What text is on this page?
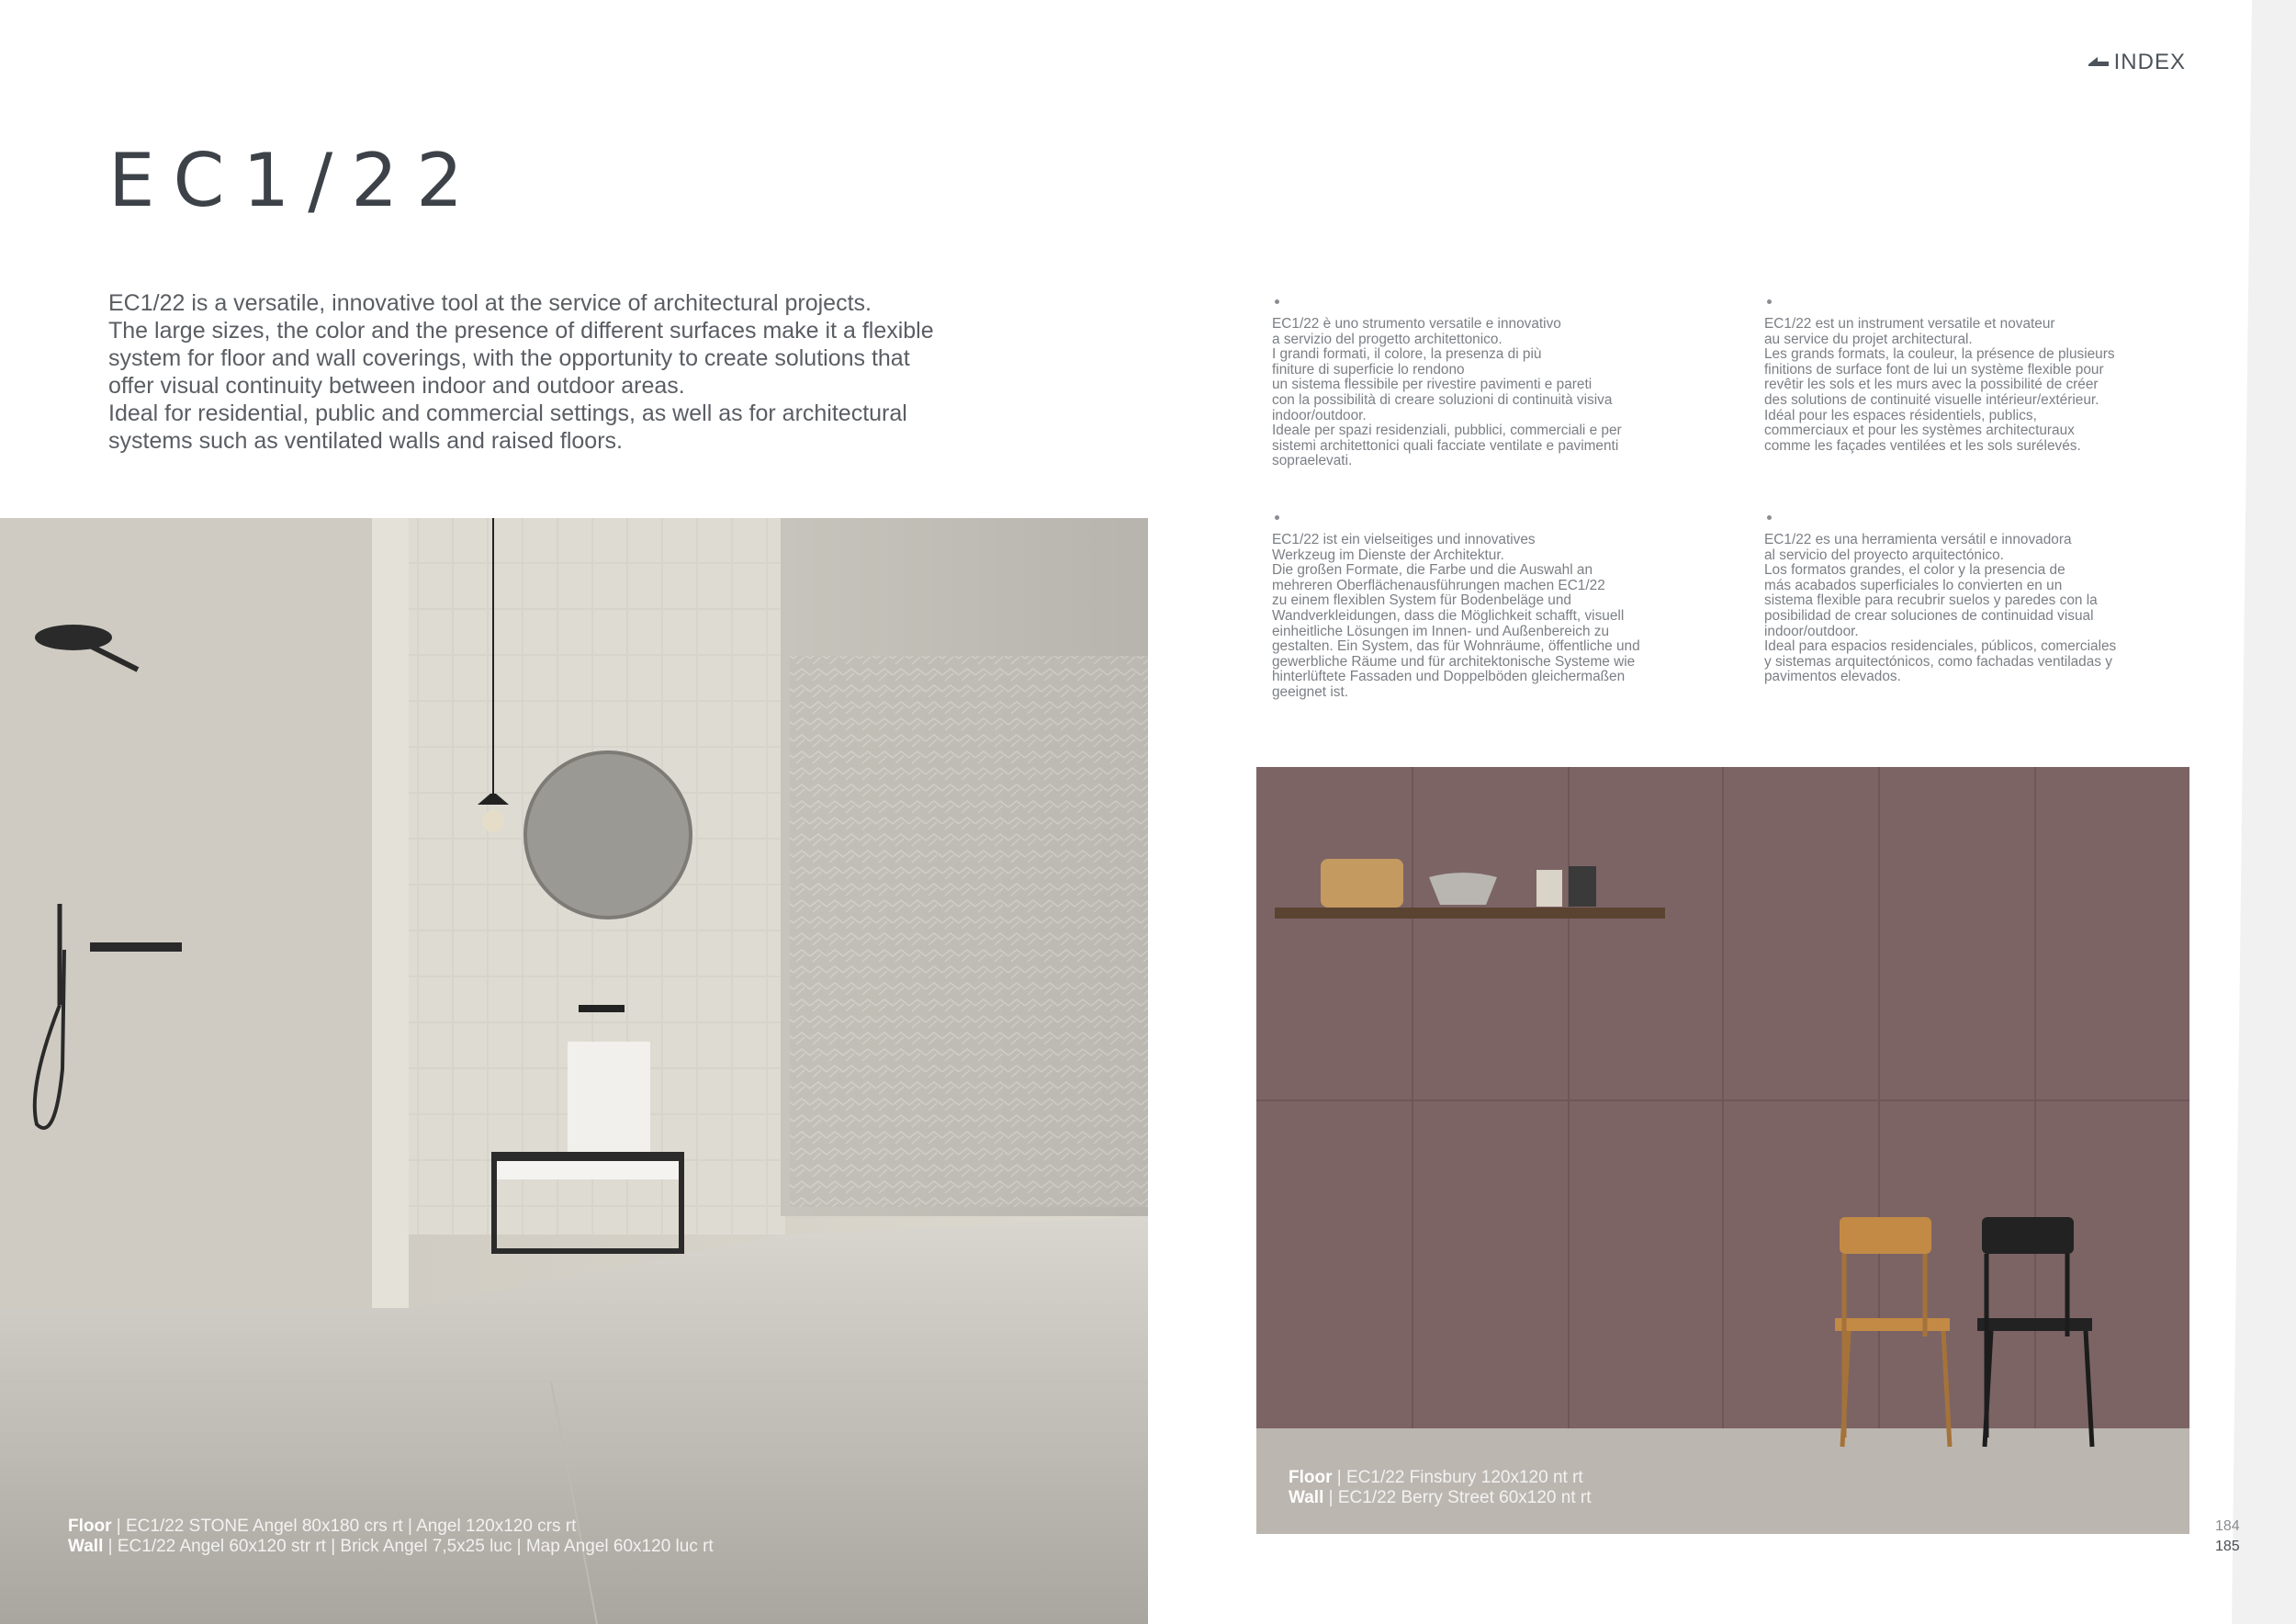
INDEX
EC1/22

EC1/22 is a versatile, innovative tool at the service of architectural projects.

The large sizes, the color and the presence of different surfaces make it a flexible

system for floor and wall coverings, with the opportunity to create solutions that

offer visual continuity between indoor and outdoor areas.

Ideal for residential, public and commercial settings, as well as for architectural

systems such as ventilated walls and raised floors.

EC1/22 è uno strumento versatile e innovativo

a servizio del progetto architettonico.

I grandi formati, il colore, la presenza di più

finiture di superficie lo rendono

un sistema flessibile per rivestire pavimenti e pareti

con la possibilità di creare soluzioni di continuità visiva

indoor/outdoor.

Ideale per spazi residenziali, pubblici, commerciali e per

sistemi architettonici quali facciate ventilate e pavimenti

sopraelevati.

EC1/22 est un instrument versatile et novateur

au service du projet architectural.

Les grands formats, la couleur, la présence de plusieurs

finitions de surface font de lui un système flexible pour

revêtir les sols et les murs avec la possibilité de créer

des solutions de continuité visuelle intérieur/extérieur.

Idéal pour les espaces résidentiels, publics,

commerciaux et pour les systèmes architecturaux

comme les façades ventilées et les sols surélevés.

EC1/22 ist ein vielseitiges und innovatives

Werkzeug im Dienste der Architektur.

Die großen Formate, die Farbe und die Auswahl an

mehreren Oberflächenausführungen machen EC1/22

zu einem flexiblen System für Bodenbeläge und

Wandverkleidungen, dass die Möglichkeit schafft, visuell

einheitliche Lösungen im Innen- und Außenbereich zu

gestalten. Ein System, das für Wohnräume, öffentliche und

gewerbliche Räume und für architektonische Systeme wie

hinterlüftete Fassaden und Doppelböden gleichermaßen

geeignet ist.

EC1/22 es una herramienta versátil e innovadora

al servicio del proyecto arquitectónico.

Los formatos grandes, el color y la presencia de

más acabados superficiales lo convierten en un

sistema flexible para recubrir suelos y paredes con la

posibilidad de crear soluciones de continuidad visual

indoor/outdoor.

Ideal para espacios residenciales, públicos, comerciales

y sistemas arquitectónicos, como fachadas ventiladas y

pavimentos elevados.

Floor | EC1/22 STONE Angel 80x180 crs rt | Angel 120x120 crs rt
Wall | EC1/22 Angel 60x120 str rt | Brick Angel 7,5x25 luc | Map Angel 60x120 luc rt
Floor | EC1/22 Finsbury 120x120 nt rt
Wall | EC1/22 Berry Street 60x120 nt rt
184
185
